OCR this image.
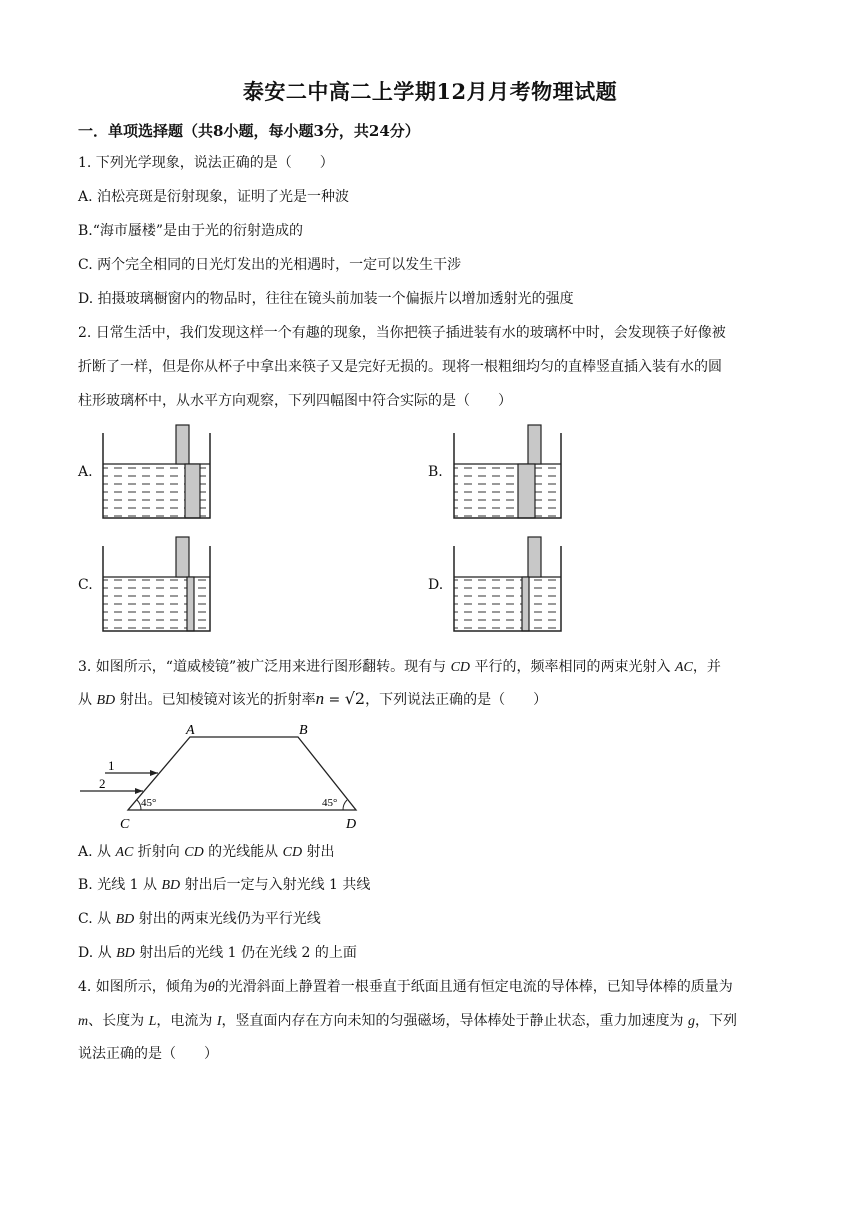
泰安二中高二上学期12月月考物理试题
一．单项选择题（共8小题，每小题3分，共24分）
1. 下列光学现象，说法正确的是（　　）
A. 泊松亮斑是衍射现象，证明了光是一种波
B.“海市蜃楼”是由于光的衍射造成的
C. 两个完全相同的日光灯发出的光相遇时，一定可以发生干涉
D. 拍摄玻璃橱窗内的物品时，往往在镜头前加装一个偏振片以增加透射光的强度
2. 日常生活中，我们发现这样一个有趣的现象，当你把筷子插进装有水的玻璃杯中时，会发现筷子好像被
折断了一样，但是你从杯子中拿出来筷子又是完好无损的。现将一根粗细均匀的直棒竖直插入装有水的圆
柱形玻璃杯中，从水平方向观察，下列四幅图中符合实际的是（　　）
A.	B.
C.	D.
A	B
C	D
1
2
45°	45°
3. 如图所示，“道威棱镜”被广泛用来进行图形翻转。现有与 CD 平行的，频率相同的两束光射入 AC，并
从 BD 射出。已知棱镜对该光的折射率n = √2，下列说法正确的是（　　）
A. 从 AC 折射向 CD 的光线能从 CD 射出
B. 光线 1 从 BD 射出后一定与入射光线 1 共线
C. 从 BD 射出的两束光线仍为平行光线
D. 从 BD 射出后的光线 1 仍在光线 2 的上面
4. 如图所示，倾角为θ的光滑斜面上静置着一根垂直于纸面且通有恒定电流的导体棒，已知导体棒的质量为
m、长度为 L，电流为 I，竖直面内存在方向未知的匀强磁场，导体棒处于静止状态，重力加速度为 g，下列
说法正确的是（　　）
